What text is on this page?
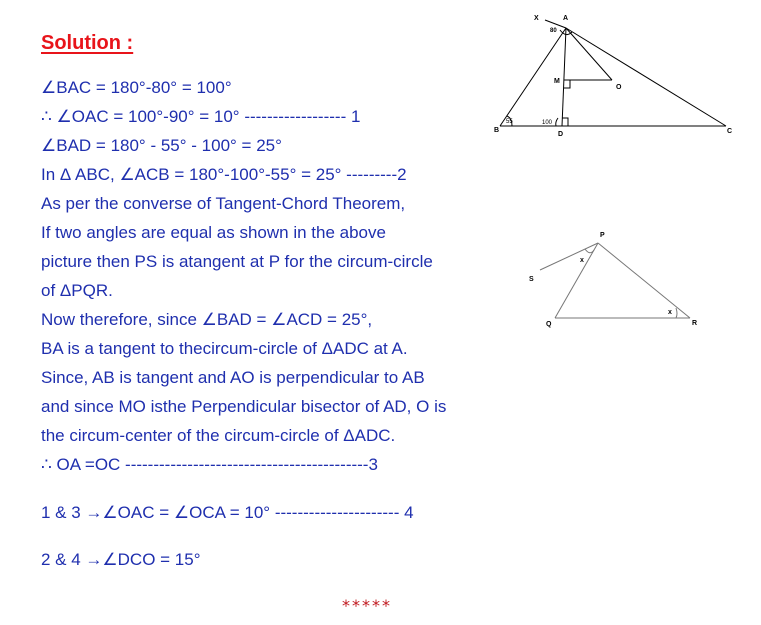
Solution :
∠BAC = 180°-80° = 100°
∴ ∠OAC = 100°-90° = 10° ------------------ 1
∠BAD = 180° - 55° - 100° = 25°
In Δ ABC, ∠ACB = 180°-100°-55° = 25° ---------2
As per the converse of Tangent-Chord Theorem,
If two angles are equal as shown in the above
picture then PS is atangent at P for the circum-circle
of ΔPQR.
Now therefore, since ∠BAD = ∠ACD = 25°,
BA is a tangent to thecircum-circle of ΔADC at A.
Since, AB is tangent and AO is perpendicular to AB
and since MO isthe Perpendicular bisector of AD, O is
the circum-center of the circum-circle of ΔADC.
∴ OA =OC -------------------------------------------3
1 & 3 →∠OAC = ∠OCA = 10° ---------------------- 4
2 & 4 →∠DCO = 15°
*****
X	A
80
M
O
B
55	100
D	C
P
S
Q	R
x
x
